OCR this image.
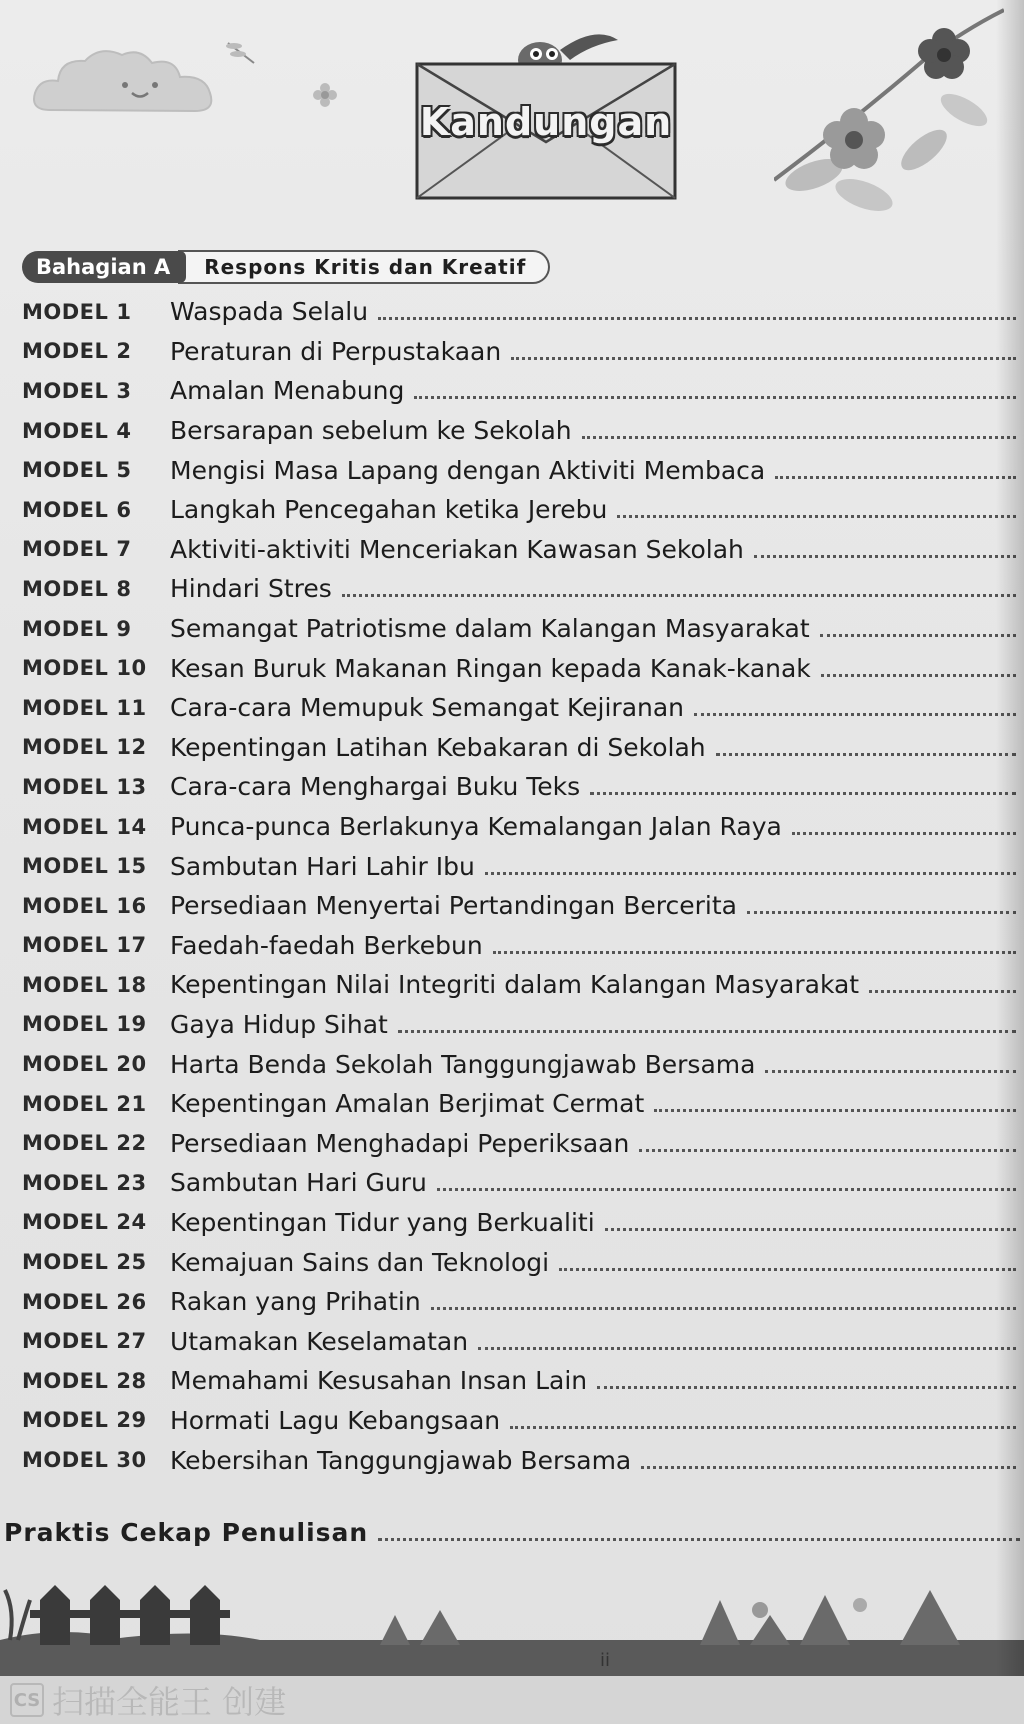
Kandungan
Bahagian A	Respons Kritis dan Kreatif
MODEL 1	Waspada Selalu
MODEL 2	Peraturan di Perpustakaan
MODEL 3	Amalan Menabung
MODEL 4	Bersarapan sebelum ke Sekolah
MODEL 5	Mengisi Masa Lapang dengan Aktiviti Membaca
MODEL 6	Langkah Pencegahan ketika Jerebu
MODEL 7	Aktiviti-aktiviti Menceriakan Kawasan Sekolah
MODEL 8	Hindari Stres
MODEL 9	Semangat Patriotisme dalam Kalangan Masyarakat
MODEL 10 Kesan Buruk Makanan Ringan kepada Kanak-kanak
MODEL 11 Cara-cara Memupuk Semangat Kejiranan
MODEL 12 Kepentingan Latihan Kebakaran di Sekolah
MODEL 13 Cara-cara Menghargai Buku Teks
MODEL 14 Punca-punca Berlakunya Kemalangan Jalan Raya
MODEL 15 Sambutan Hari Lahir Ibu
MODEL 16 Persediaan Menyertai Pertandingan Bercerita
MODEL 17 Faedah-faedah Berkebun
MODEL 18 Kepentingan Nilai Integriti dalam Kalangan Masyarakat
MODEL 19 Gaya Hidup Sihat
MODEL 20 Harta Benda Sekolah Tanggungjawab Bersama
MODEL 21 Kepentingan Amalan Berjimat Cermat
MODEL 22 Persediaan Menghadapi Peperiksaan
MODEL 23 Sambutan Hari Guru
MODEL 24 Kepentingan Tidur yang Berkualiti
MODEL 25 Kemajuan Sains dan Teknologi
MODEL 26 Rakan yang Prihatin
MODEL 27 Utamakan Keselamatan
MODEL 28 Memahami Kesusahan Insan Lain
MODEL 29 Hormati Lagu Kebangsaan
MODEL 30 Kebersihan Tanggungjawab Bersama
Praktis Cekap Penulisan
ii
CS 扫描全能王 创建
